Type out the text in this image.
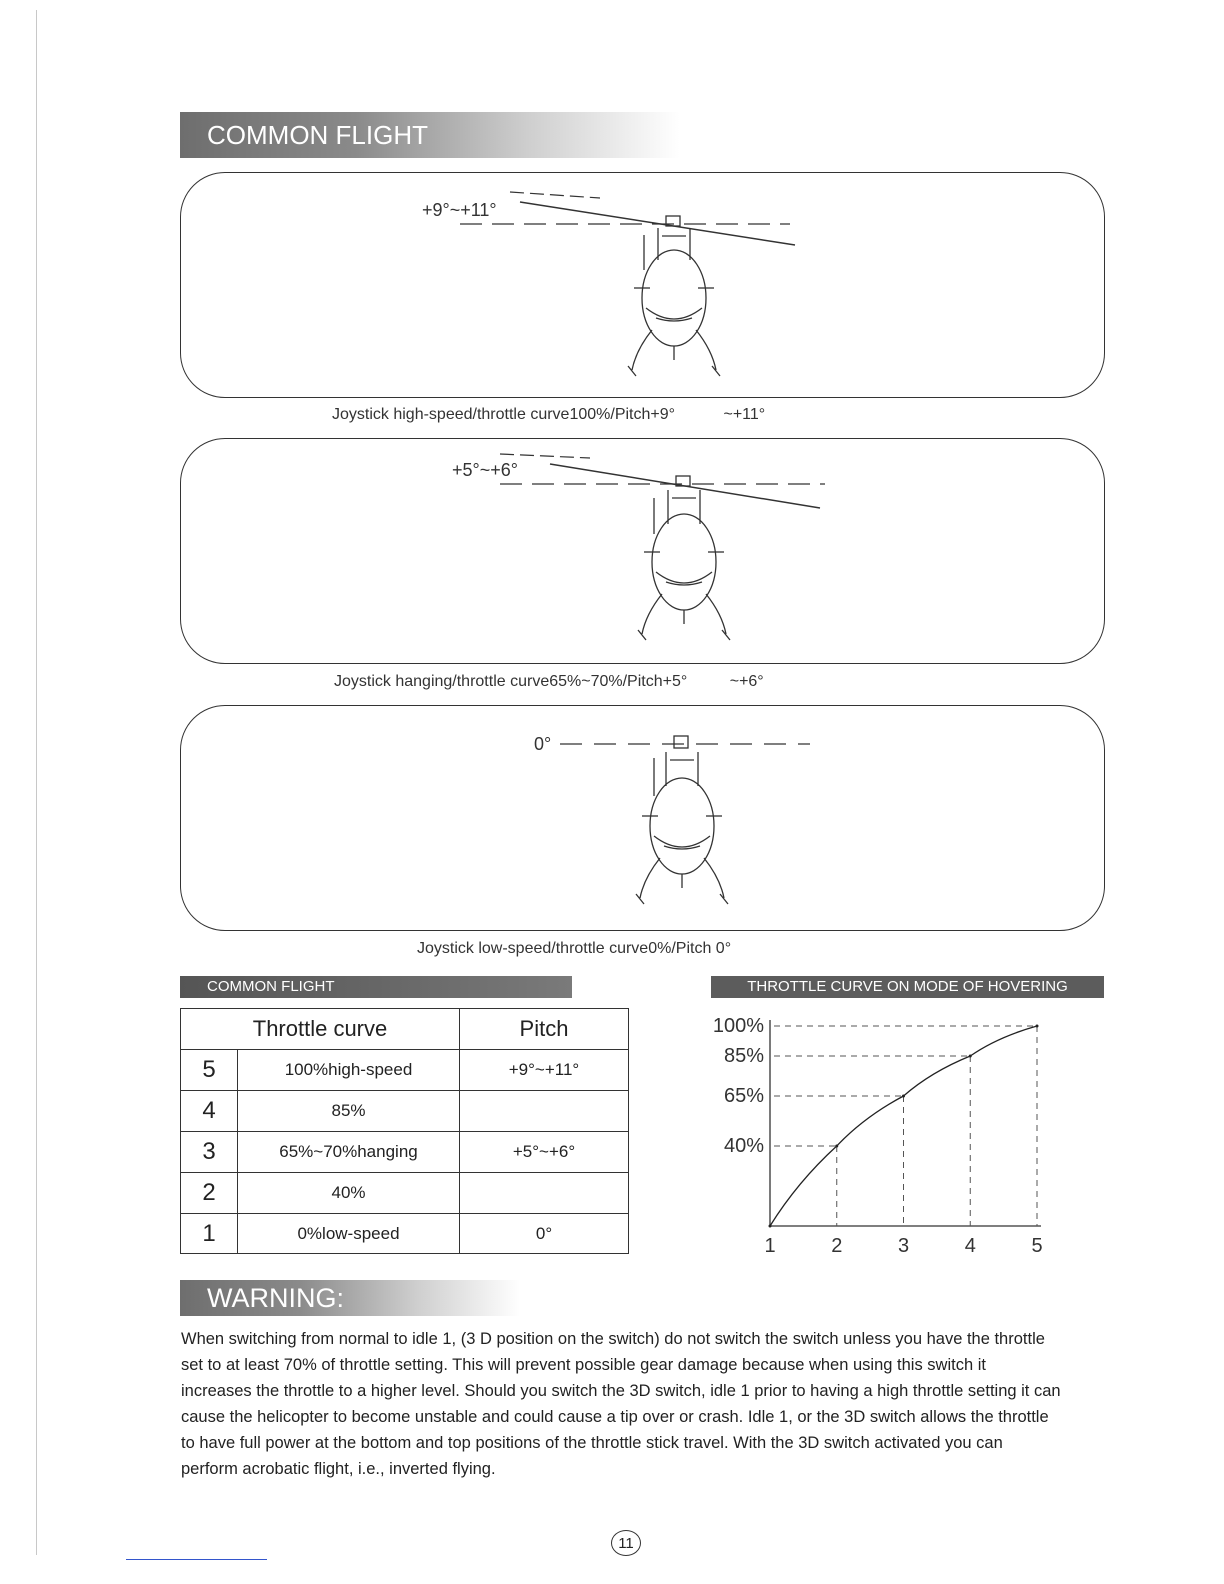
COMMON FLIGHT
+9°~+11°
Joystick high-speed/throttle curve100%/Pitch+9°	~+11°
+5°~+6°
Joystick hanging/throttle curve65%~70%/Pitch+5°	~+6°
0°
Joystick low-speed/throttle curve0%/Pitch 0°
COMMON FLIGHT
Throttle curve		Pitch
5	100%high-speed	+9°~+11°
4	85%	
3	65%~70%hanging	+5°~+6°
2	40%	
1	0%low-speed	0°
THROTTLE CURVE ON MODE OF HOVERING
100%
85%
65%
40%
1	2	3	4	5
WARNING:
When switching from normal to idle 1, (3 D position on the switch) do not switch the switch unless you have the throttle set to at least 70% of throttle setting. This will prevent possible gear damage because when using this switch it increases the throttle to a higher level. Should you switch the 3D switch, idle 1 prior to having a high throttle setting it can cause the helicopter to become unstable and could cause a tip over or crash. Idle 1, or the 3D switch allows the throttle to have full power at the bottom and top positions of the throttle stick travel. With the 3D switch activated you can perform acrobatic flight, i.e., inverted flying.
11
